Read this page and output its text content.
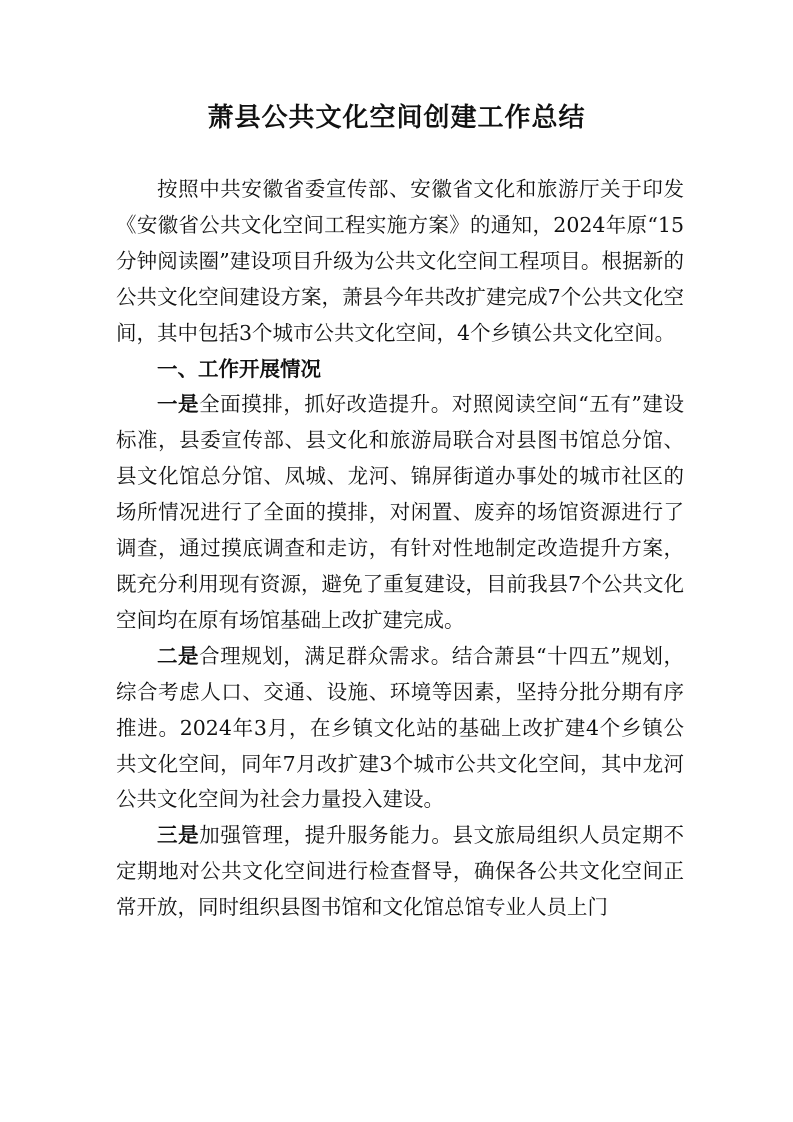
萧县公共文化空间创建工作总结

按照中共安徽省委宣传部、安徽省文化和旅游厅关于印发《安徽省公共文化空间工程实施方案》的通知，2024年原“15分钟阅读圈”建设项目升级为公共文化空间工程项目。根据新的公共文化空间建设方案，萧县今年共改扩建完成7个公共文化空间，其中包括3个城市公共文化空间，4个乡镇公共文化空间。

一、工作开展情况

一是全面摸排，抓好改造提升。对照阅读空间“五有”建设标准，县委宣传部、县文化和旅游局联合对县图书馆总分馆、县文化馆总分馆、凤城、龙河、锦屏街道办事处的城市社区的场所情况进行了全面的摸排，对闲置、废弃的场馆资源进行了调查，通过摸底调查和走访，有针对性地制定改造提升方案，既充分利用现有资源，避免了重复建设，目前我县7个公共文化空间均在原有场馆基础上改扩建完成。

二是合理规划，满足群众需求。结合萧县“十四五”规划，综合考虑人口、交通、设施、环境等因素，坚持分批分期有序推进。2024年3月，在乡镇文化站的基础上改扩建4个乡镇公共文化空间，同年7月改扩建3个城市公共文化空间，其中龙河公共文化空间为社会力量投入建设。

三是加强管理，提升服务能力。县文旅局组织人员定期不定期地对公共文化空间进行检查督导，确保各公共文化空间正常开放，同时组织县图书馆和文化馆总馆专业人员上门
